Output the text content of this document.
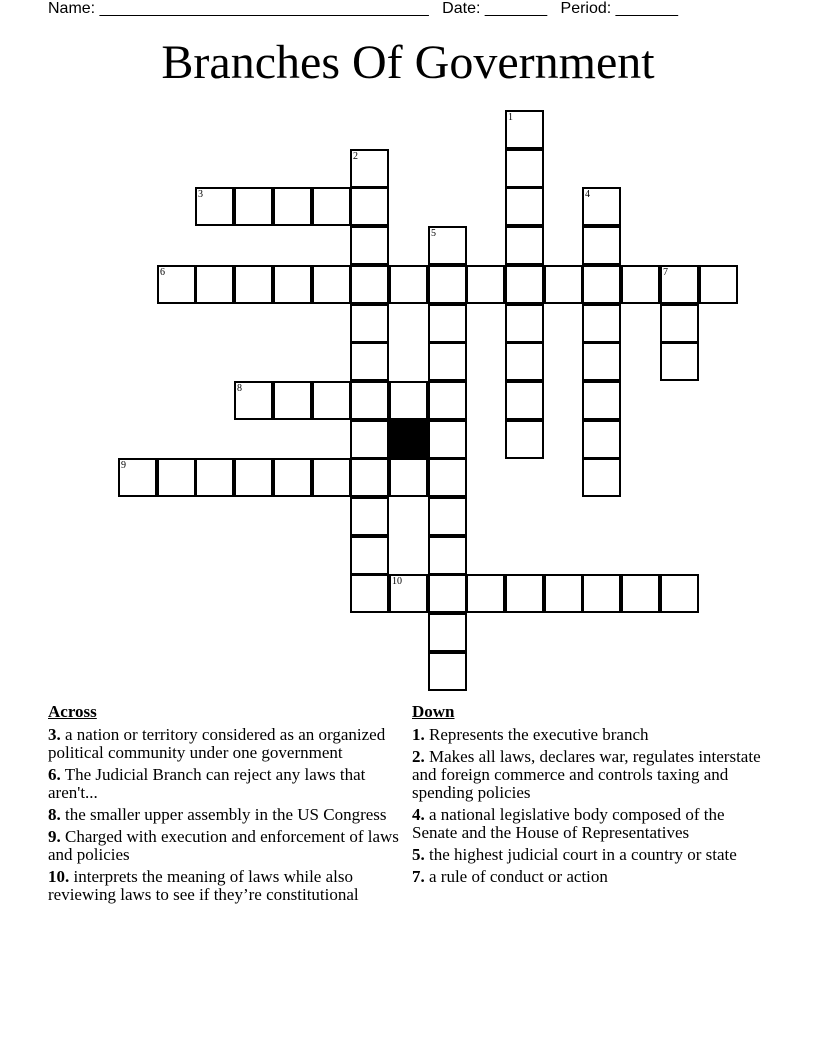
Name: _____________________________________ Date: _______ Period: _______
Branches Of Government
1
2
3	4
5
6	7
8
9
10
Across
3. a nation or territory considered as an organized political community under one government
6. The Judicial Branch can reject any laws that aren't...
8. the smaller upper assembly in the US Congress
9. Charged with execution and enforcement of laws and policies
10. interprets the meaning of laws while also reviewing laws to see if they’re constitutional
Down
1. Represents the executive branch
2. Makes all laws, declares war, regulates interstate and foreign commerce and controls taxing and spending policies
4. a national legislative body composed of the Senate and the House of Representatives
5. the highest judicial court in a country or state
7. a rule of conduct or action
